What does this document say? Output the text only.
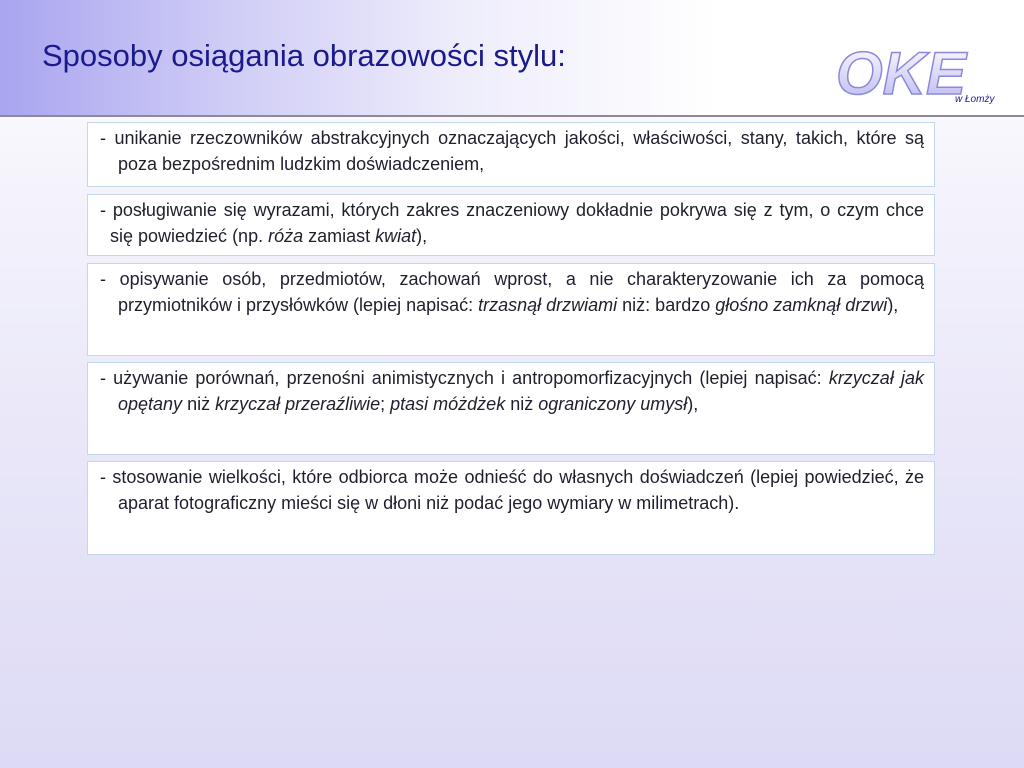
Sposoby osiągania obrazowości stylu:	OKE
w Łomży

- unikanie rzeczowników abstrakcyjnych oznaczających jakości, właściwości, stany, takich, które są poza bezpośrednim ludzkim doświadczeniem,

- posługiwanie się wyrazami, których zakres znaczeniowy dokładnie pokrywa się z tym, o czym chce się powiedzieć (np. róża zamiast kwiat),

- opisywanie osób, przedmiotów, zachowań wprost, a nie charakteryzowanie ich za pomocą przymiotników i przysłówków (lepiej napisać: trzasnął drzwiami niż: bardzo głośno zamknął drzwi),

- używanie porównań, przenośni animistycznych i antropomorfizacyjnych (lepiej napisać: krzyczał jak opętany niż krzyczał przeraźliwie; ptasi móżdżek niż ograniczony umysł),

- stosowanie wielkości, które odbiorca może odnieść do własnych doświadczeń (lepiej powiedzieć, że aparat fotograficzny mieści się w dłoni niż podać jego wymiary w milimetrach).
